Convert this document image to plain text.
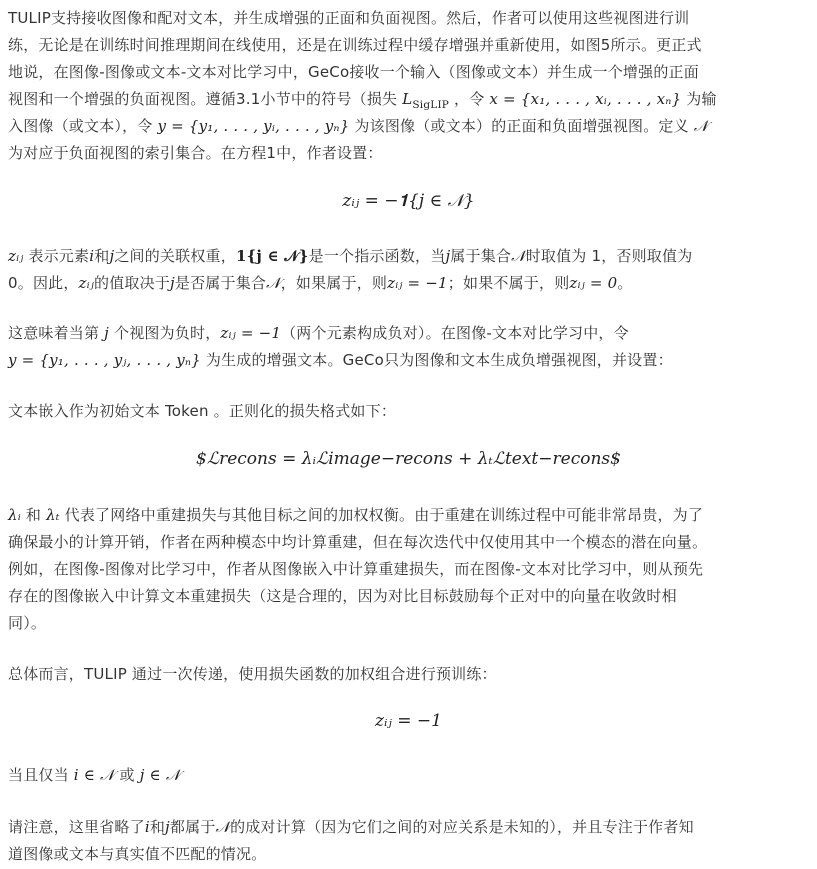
TULIP支持接收图像和配对文本，并生成增强的正面和负面视图。然后，作者可以使用这些视图进行训

练，无论是在训练时间推理期间在线使用，还是在训练过程中缓存增强并重新使用，如图5所示。更正式

地说，在图像-图像或文本-文本对比学习中，GeCo接收一个输入（图像或文本）并生成一个增强的正面

视图和一个增强的负面视图。遵循3.1小节中的符号（损失 $L_{SigLIP}$ ，令 x = {x₁, . . . , xᵢ, . . . , xₙ} 为输

入图像（或文本），令 y = {y₁, . . . , yᵢ, . . . , yₙ} 为该图像（或文本）的正面和负面增强视图。定义 𝒩

为对应于负面视图的索引集合。在方程1中，作者设置：

zᵢⱼ = −𝟏{j ∈ 𝒩}

zᵢⱼ 表示元素i和j之间的关联权重，𝟏{j ∈ 𝒩}是一个指示函数，当j属于集合𝒩时取值为 1，否则取值为

0。因此，zᵢⱼ的值取决于j是否属于集合𝒩，如果属于，则zᵢⱼ = −1；如果不属于，则zᵢⱼ = 0。

这意味着当第 j 个视图为负时，zᵢⱼ = −1（两个元素构成负对）。在图像-文本对比学习中，令

y = {y₁, . . . , yⱼ, . . . , yₙ} 为生成的增强文本。GeCo只为图像和文本生成负增强视图，并设置：

文本嵌入作为初始文本 Token 。正则化的损失格式如下：

$ℒrecons = λᵢℒimage−recons + λₜℒtext−recons$

λᵢ 和 λₜ 代表了网络中重建损失与其他目标之间的加权权衡。由于重建在训练过程中可能非常昂贵，为了

确保最小的计算开销，作者在两种模态中均计算重建，但在每次迭代中仅使用其中一个模态的潜在向量。

例如，在图像-图像对比学习中，作者从图像嵌入中计算重建损失，而在图像-文本对比学习中，则从预先

存在的图像嵌入中计算文本重建损失（这是合理的，因为对比目标鼓励每个正对中的向量在收敛时相

同）。

总体而言，TULIP 通过一次传递，使用损失函数的加权组合进行预训练：

zᵢⱼ = −1

当且仅当 i ∈ 𝒩 或 j ∈ 𝒩

请注意，这里省略了i和j都属于𝒩的成对计算（因为它们之间的对应关系是未知的），并且专注于作者知

道图像或文本与真实值不匹配的情况。
